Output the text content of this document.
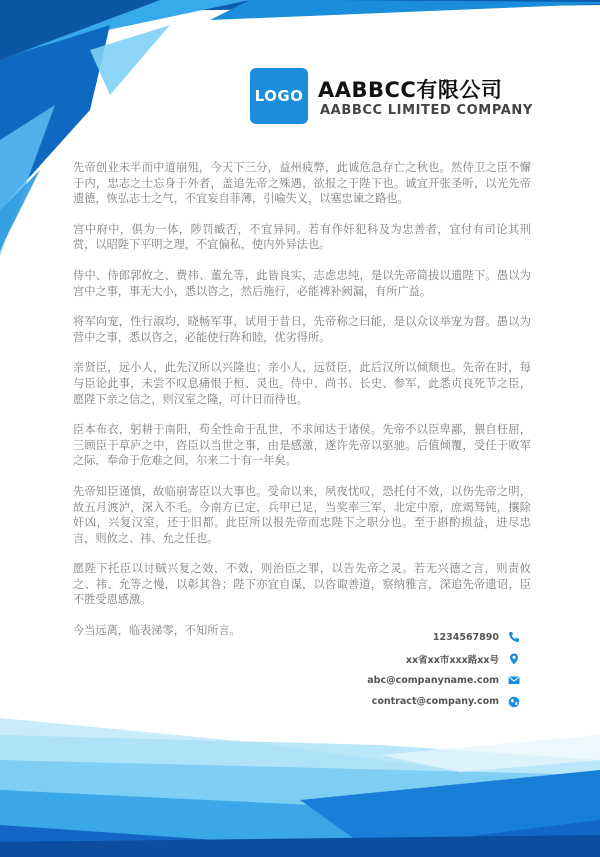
LOGO AABBCC有限公司
AABBCC LIMITED COMPANY

先帝创业未半而中道崩殂，今天下三分，益州疲弊，此诚危急存亡之秋也。然侍卫之臣不懈于内，忠志之士忘身于外者，盖追先帝之殊遇，欲报之于陛下也。诚宜开张圣听，以光先帝遗德，恢弘志士之气，不宜妄自菲薄，引喻失义，以塞忠谏之路也。

宫中府中，俱为一体，陟罚臧否，不宜异同。若有作奸犯科及为忠善者，宜付有司论其刑赏，以昭陛下平明之理，不宜偏私，使内外异法也。

侍中、侍郎郭攸之、费祎、董允等，此皆良实，志虑忠纯，是以先帝简拔以遗陛下。愚以为宫中之事，事无大小，悉以咨之，然后施行，必能裨补阙漏，有所广益。

将军向宠，性行淑均，晓畅军事，试用于昔日，先帝称之曰能，是以众议举宠为督。愚以为营中之事，悉以咨之，必能使行阵和睦，优劣得所。

亲贤臣，远小人，此先汉所以兴隆也；亲小人，远贤臣，此后汉所以倾颓也。先帝在时，每与臣论此事，未尝不叹息痛恨于桓、灵也。侍中、尚书、长史、参军，此悉贞良死节之臣，愿陛下亲之信之，则汉室之隆，可计日而待也。

臣本布衣，躬耕于南阳，苟全性命于乱世，不求闻达于诸侯。先帝不以臣卑鄙，猥自枉屈，三顾臣于草庐之中，咨臣以当世之事，由是感激，遂许先帝以驱驰。后值倾覆，受任于败军之际，奉命于危难之间，尔来二十有一年矣。

先帝知臣谨慎，故临崩寄臣以大事也。受命以来，夙夜忧叹，恐托付不效，以伤先帝之明，故五月渡泸，深入不毛。今南方已定，兵甲已足，当奖率三军，北定中原，庶竭驽钝，攘除奸凶，兴复汉室，还于旧都。此臣所以报先帝而忠陛下之职分也。至于斟酌损益，进尽忠言，则攸之、祎、允之任也。

愿陛下托臣以讨贼兴复之效，不效，则治臣之罪，以告先帝之灵。若无兴德之言，则责攸之、祎、允等之慢，以彰其咎；陛下亦宜自谋，以咨诹善道，察纳雅言，深追先帝遗诏，臣不胜受恩感激。

今当远离，临表涕零，不知所言。	1234567890
xx省xx市xxx路xx号
abc@companyname.com
contract@company.com
